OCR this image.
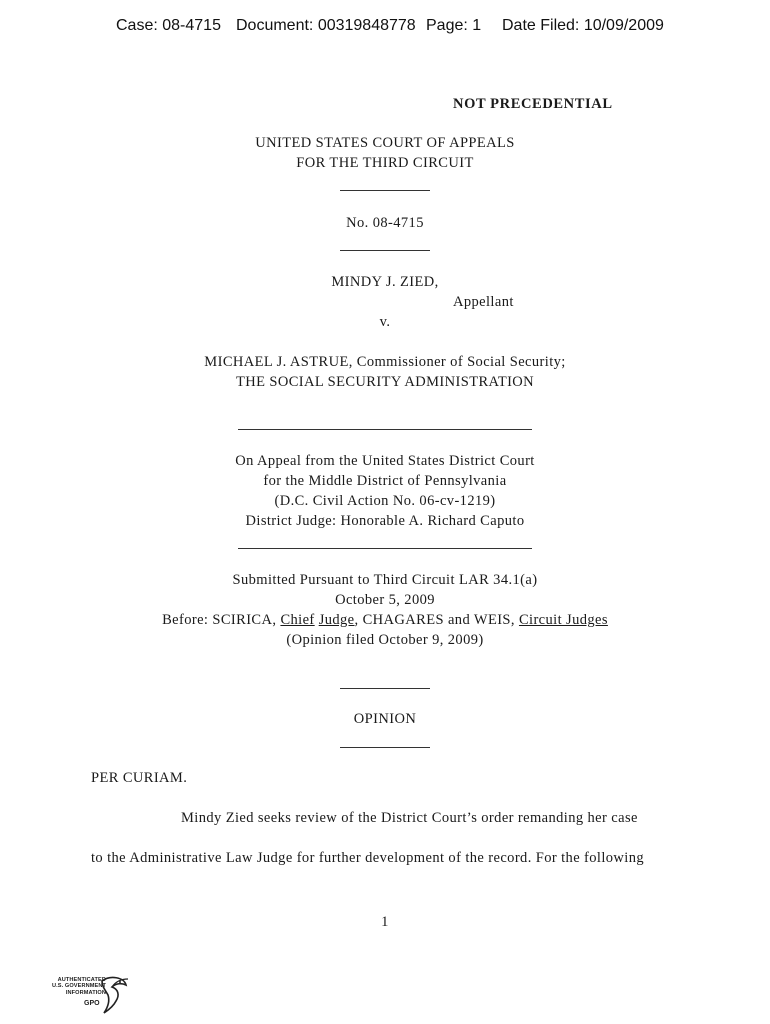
Case: 08-4715 Document: 00319848778 Page: 1 Date Filed: 10/09/2009
NOT PRECEDENTIAL
UNITED STATES COURT OF APPEALS
FOR THE THIRD CIRCUIT
No. 08-4715
MINDY J. ZIED,
Appellant
v.
MICHAEL J. ASTRUE, Commissioner of Social Security;
THE SOCIAL SECURITY ADMINISTRATION
On Appeal from the United States District Court
for the Middle District of Pennsylvania
(D.C. Civil Action No. 06-cv-1219)
District Judge: Honorable A. Richard Caputo
Submitted Pursuant to Third Circuit LAR 34.1(a)
October 5, 2009
Before: SCIRICA, Chief Judge, CHAGARES and WEIS, Circuit Judges
(Opinion filed October 9, 2009)
OPINION
PER CURIAM.
Mindy Zied seeks review of the District Court’s order remanding her case
to the Administrative Law Judge for further development of the record. For the following
1
AUTHENTICATED
U.S. GOVERNMENT
INFORMATION
GPO
